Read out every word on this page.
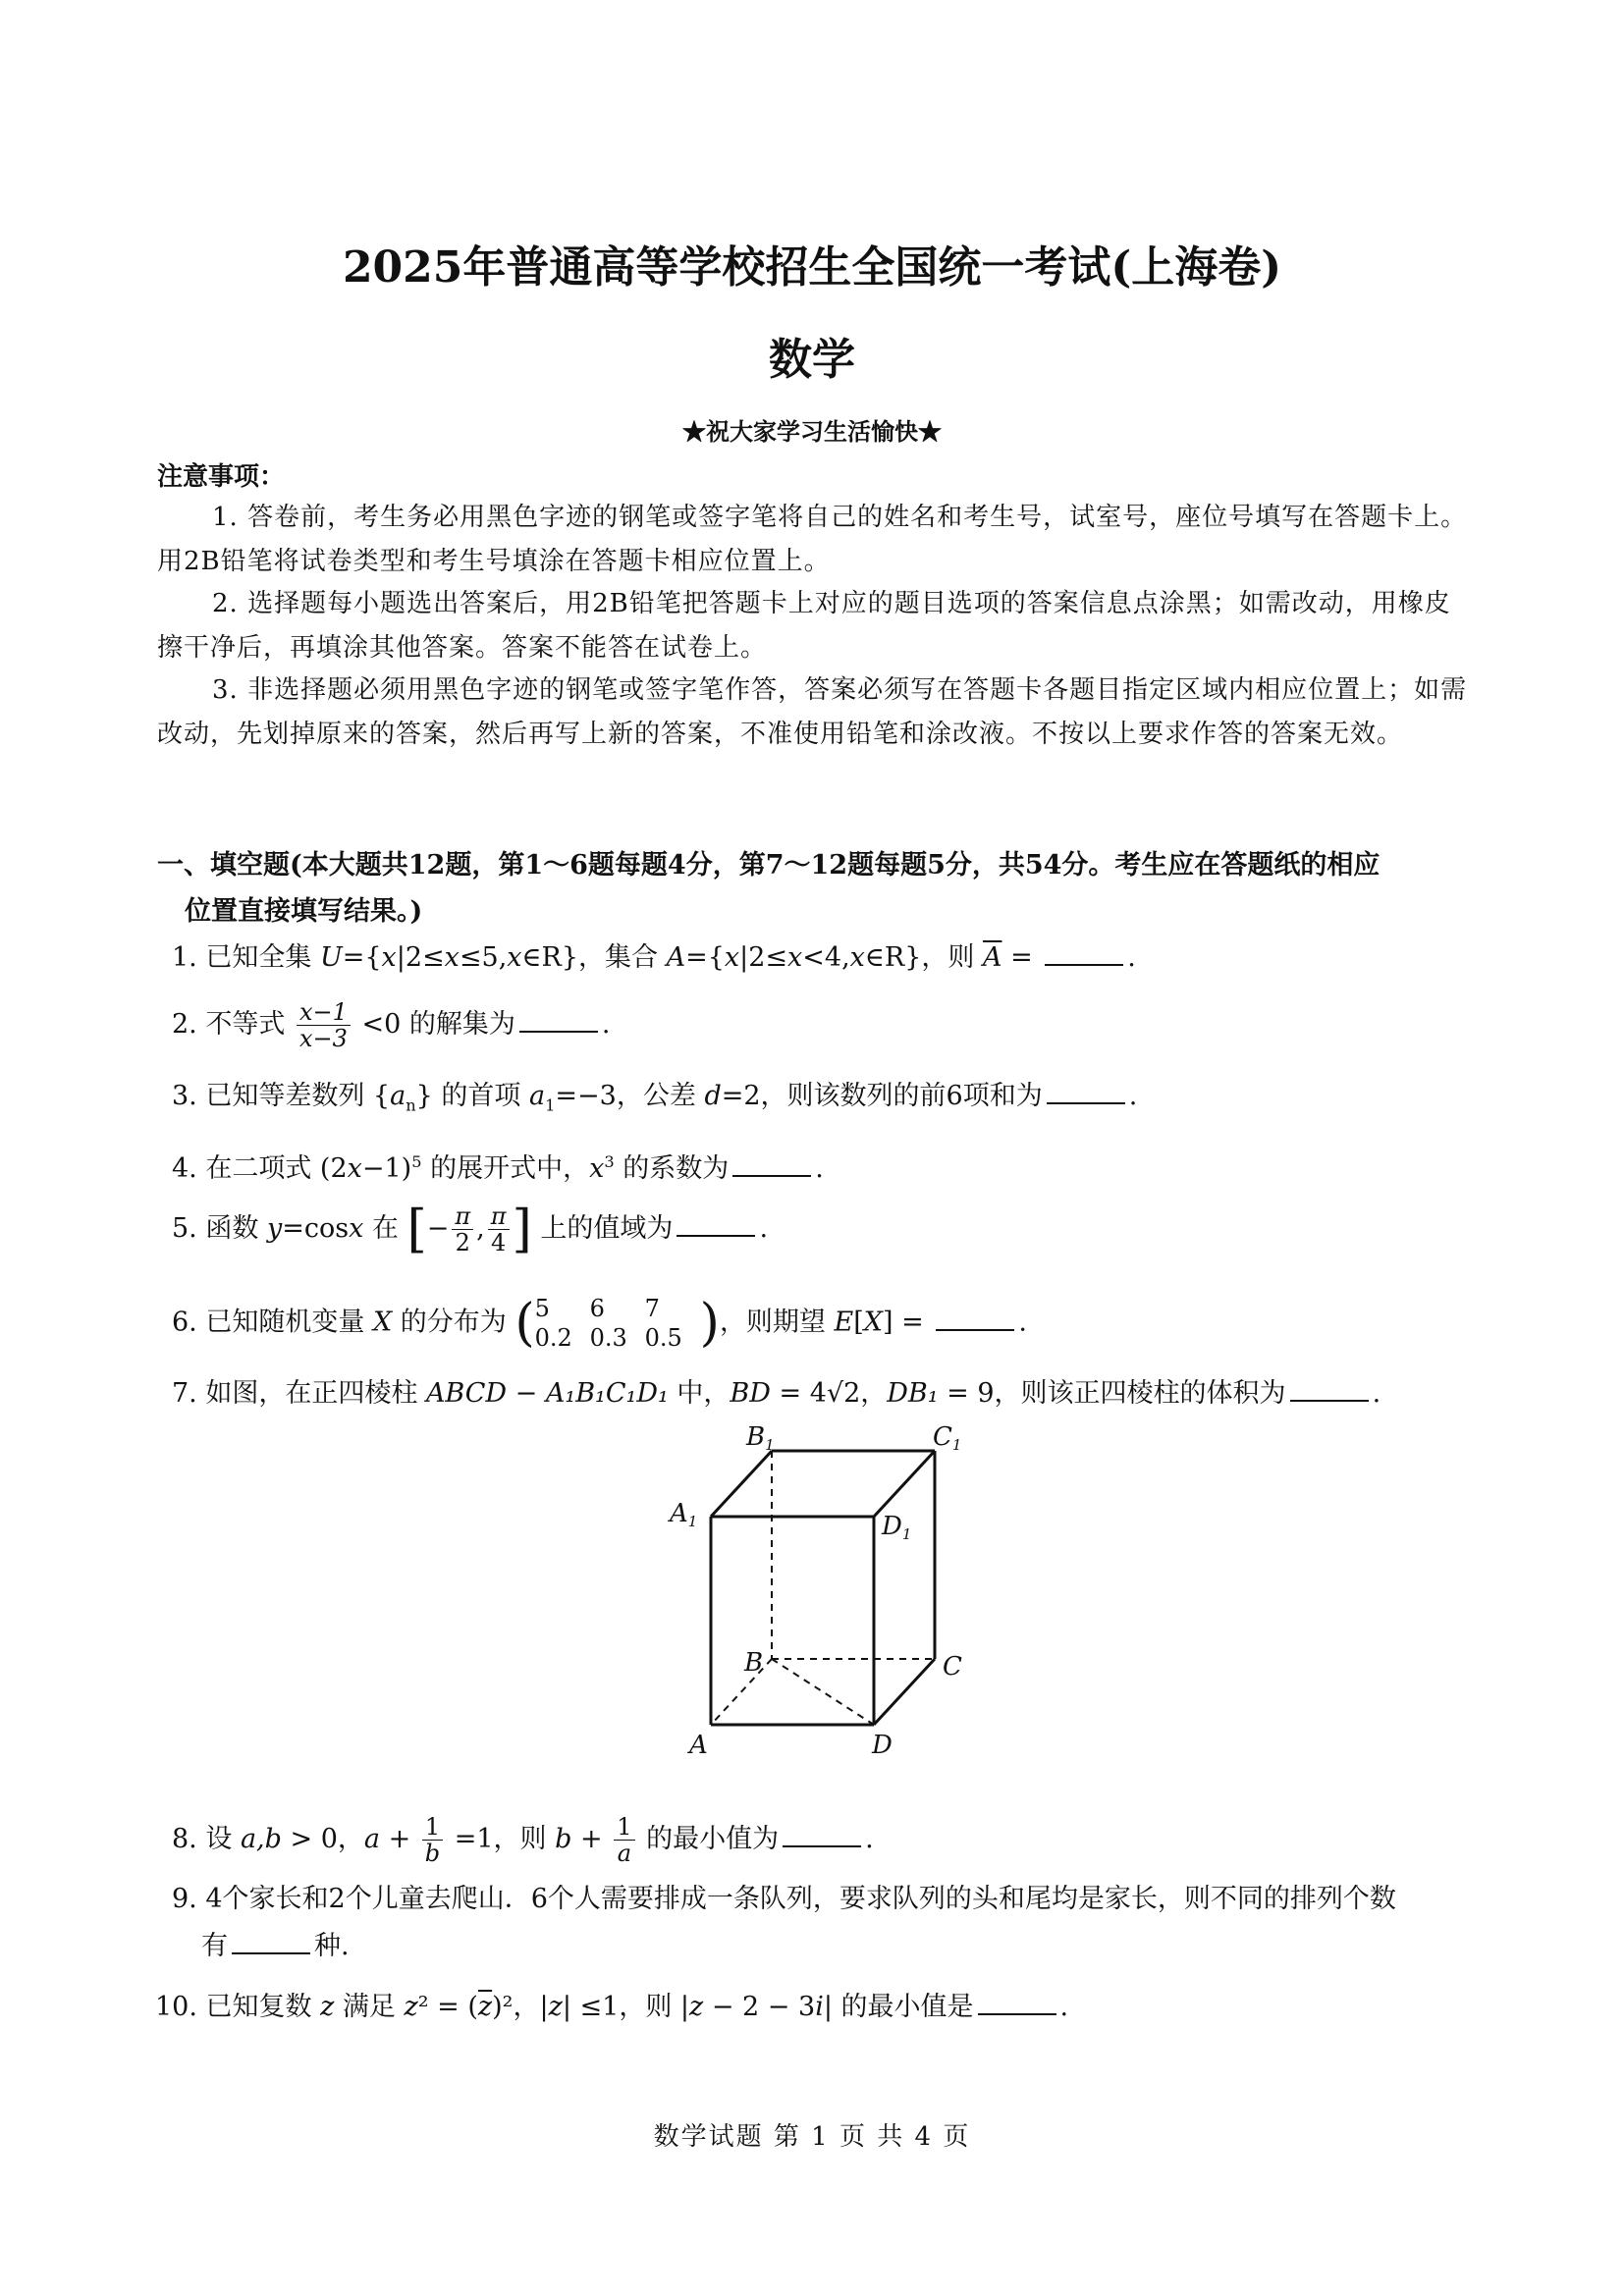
2025年普通高等学校招生全国统一考试(上海卷)
数学
★祝大家学习生活愉快★
注意事项：
1. 答卷前，考生务必用黑色字迹的钢笔或签字笔将自己的姓名和考生号，试室号，座位号填写在答题卡上。用2B铅笔将试卷类型和考生号填涂在答题卡相应位置上。
2. 选择题每小题选出答案后，用2B铅笔把答题卡上对应的题目选项的答案信息点涂黑；如需改动，用橡皮擦干净后，再填涂其他答案。答案不能答在试卷上。
3. 非选择题必须用黑色字迹的钢笔或签字笔作答，答案必须写在答题卡各题目指定区域内相应位置上；如需改动，先划掉原来的答案，然后再写上新的答案，不准使用铅笔和涂改液。不按以上要求作答的答案无效。
一、填空题(本大题共12题，第1～6题每题4分，第7～12题每题5分，共54分。考生应在答题纸的相应
位置直接填写结果。)
1. 已知全集 U={x|2≤x≤5,x∈R}，集合 A={x|2≤x<4,x∈R}，则 $\overline{A}$ =	.
2. 不等式 $\frac{x-1}{x-3} <0$ 的解集为	.
3. 已知等差数列 $\{a_n\}$ 的首项 $a_1=-3$，公差 d=2，则该数列的前6项和为	.
4. 在二项式 $(2x-1)^5$ 的展开式中，$x^3$ 的系数为	.
5. 函数 y=cosx 在 [− $\frac{\pi}{2}$ , $\frac{\pi}{4}$ ] 上的值域为	.
6. 已知随机变量 X 的分布为 ( 5 6 7
0.2 0.3 0.5 )，则期望 E[X] =	.
7. 如图，在正四棱柱 ABCD − A₁B₁C₁D₁ 中，BD = 4√2，DB₁ = 9，则该正四棱柱的体积为	.
B1	C1
A1	D1
B	C
A	D
8. 设 a,b > 0，$a + \frac{1}{b} =1$，则 $b + \frac{1}{a}$ 的最小值为	.
9. 4个家长和2个儿童去爬山．6个人需要排成一条队列，要求队列的头和尾均是家长，则不同的排列个数
有	种.
10. 已知复数 z 满足 $z^2 = (\overline{z})^2$，|z| ≤1，则 |z − 2 − 3i| 的最小值是	.
数学试题 第 1 页 共 4 页
